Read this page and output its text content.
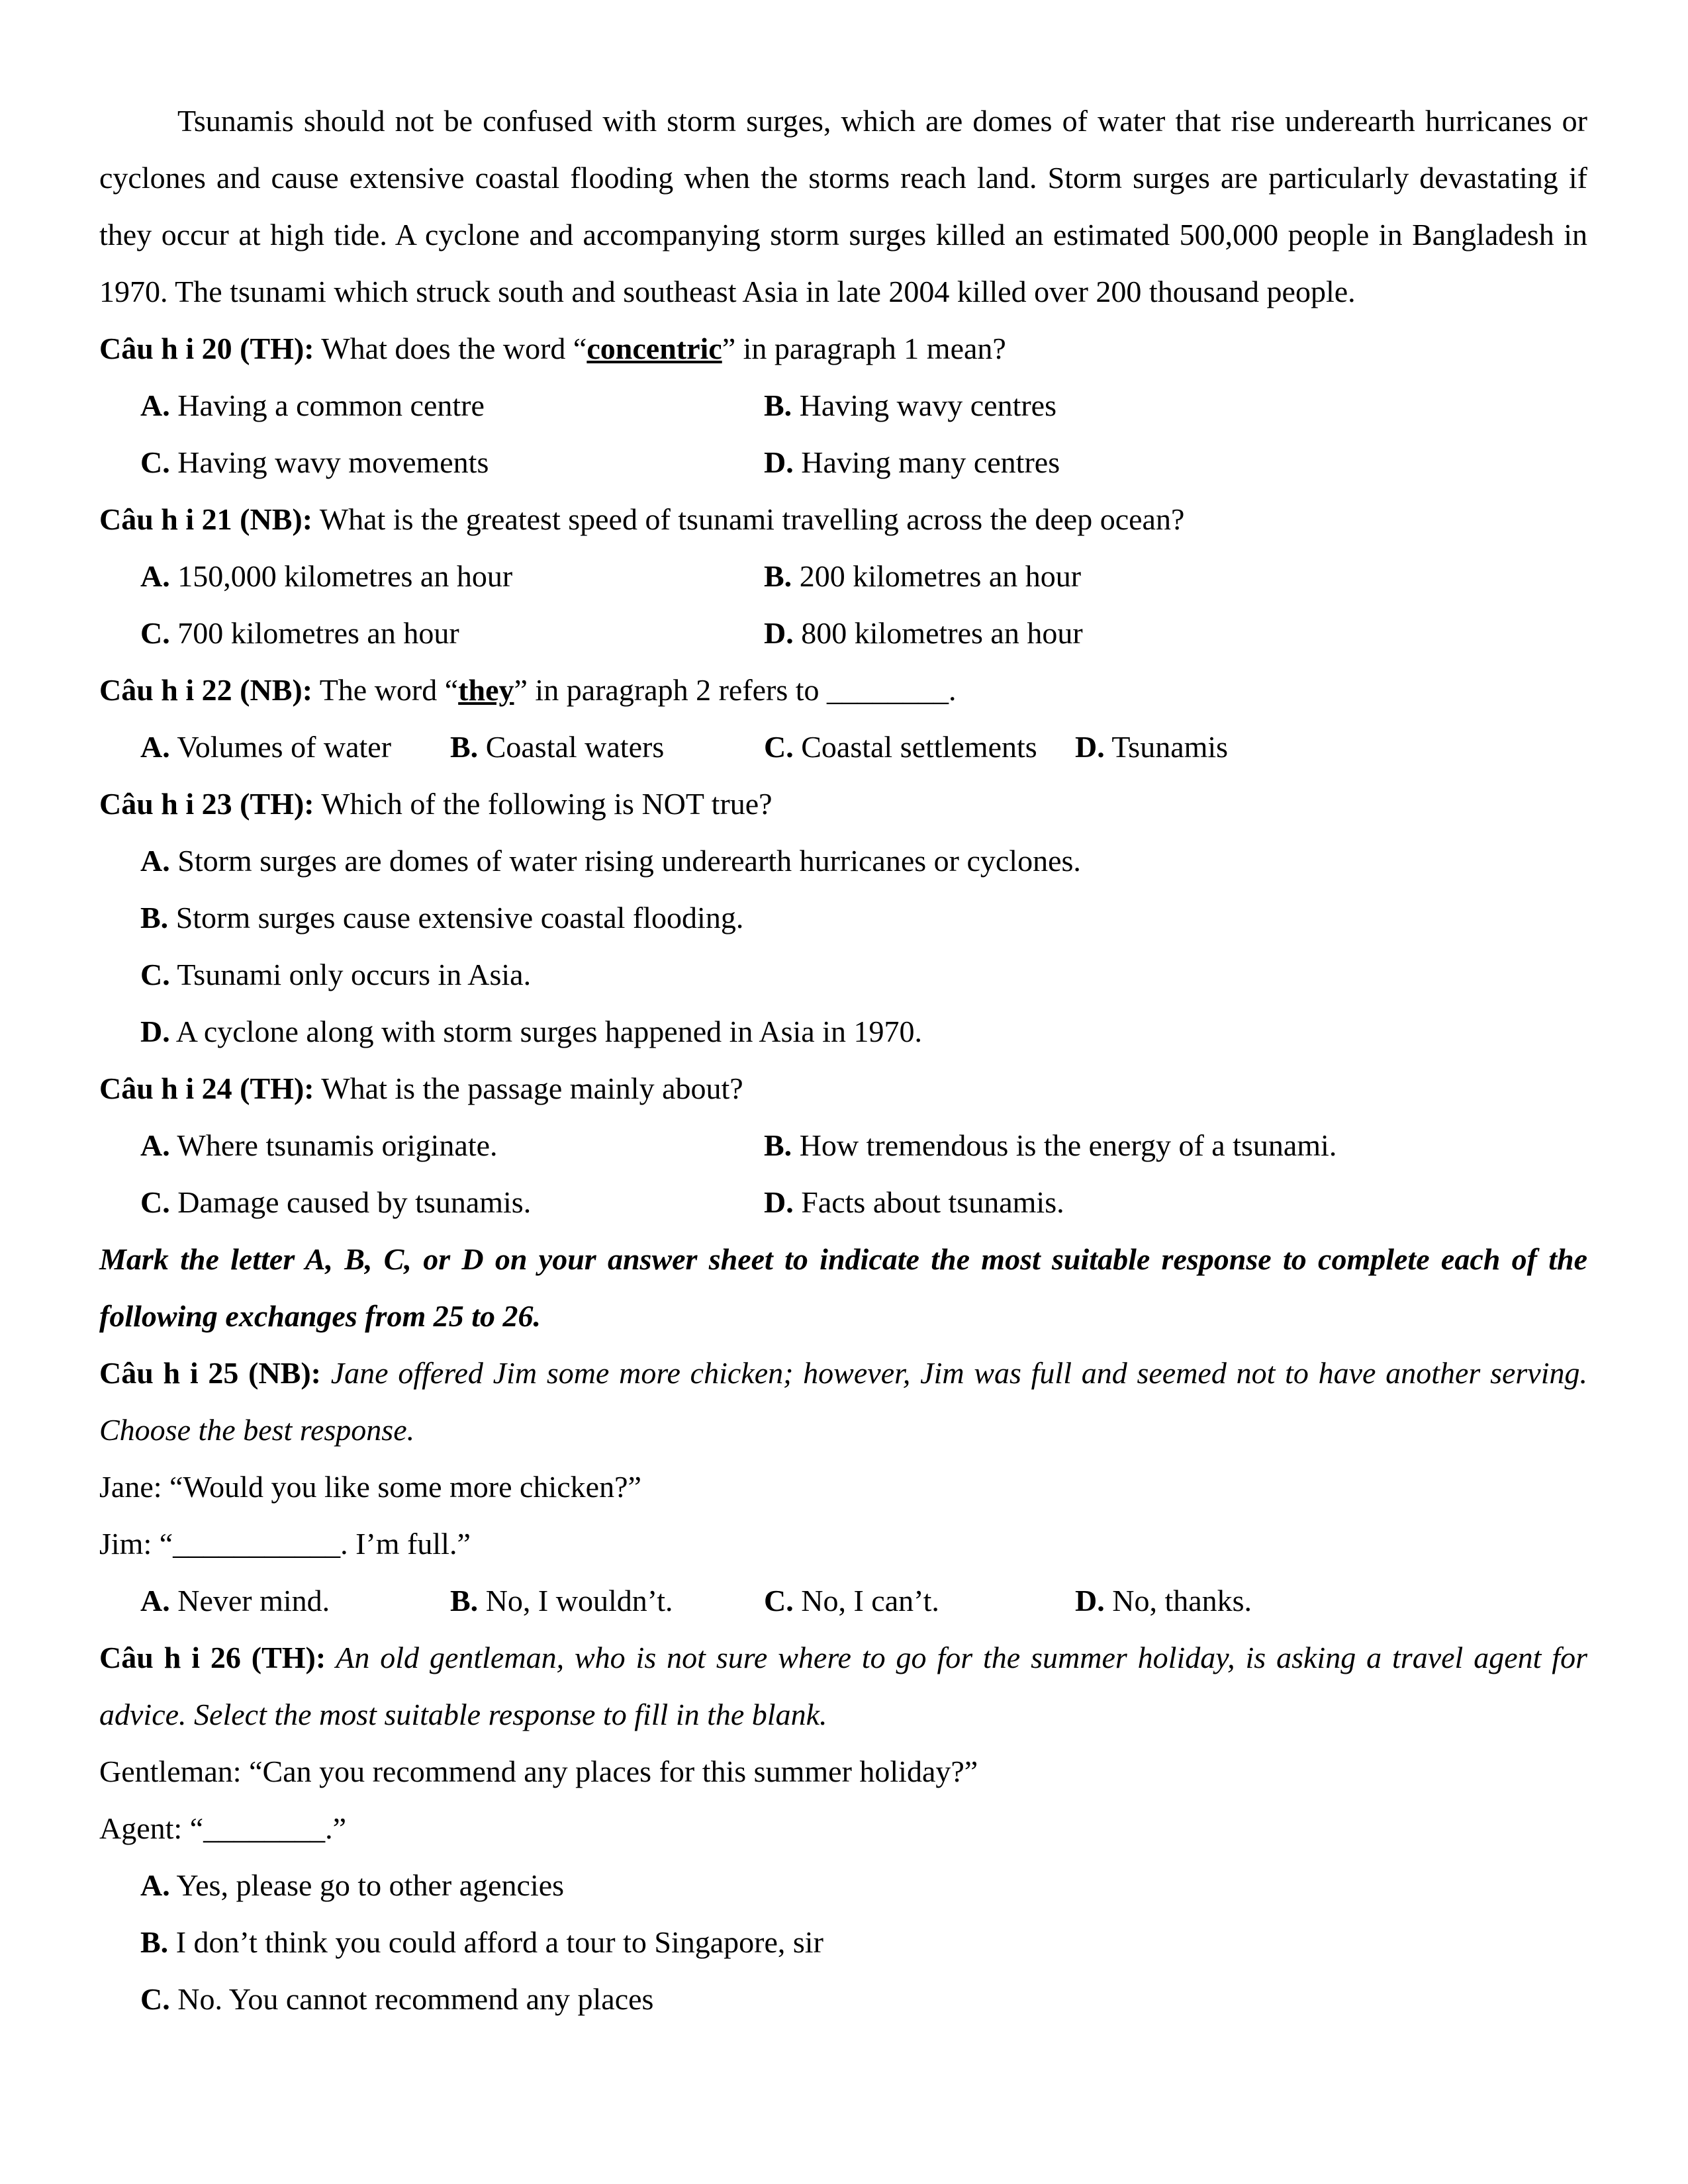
Tsunamis should not be confused with storm surges, which are domes of water that rise underearth hurricanes or cyclones and cause extensive coastal flooding when the storms reach land. Storm surges are particularly devastating if they occur at high tide. A cyclone and accompanying storm surges killed an estimated 500,000 people in Bangladesh in 1970. The tsunami which struck south and southeast Asia in late 2004 killed over 200 thousand people.

Câu h i 20 (TH): What does the word “concentric” in paragraph 1 mean?
A. Having a common centre	B. Having wavy centres
C. Having wavy movements	D. Having many centres
Câu h i 21 (NB): What is the greatest speed of tsunami travelling across the deep ocean?
A. 150,000 kilometres an hour	B. 200 kilometres an hour
C. 700 kilometres an hour	D. 800 kilometres an hour
Câu h i 22 (NB): The word “they” in paragraph 2 refers to ________.
A. Volumes of water B. Coastal waters	C. Coastal settlements D. Tsunamis
Câu h i 23 (TH): Which of the following is NOT true?
A. Storm surges are domes of water rising underearth hurricanes or cyclones.
B. Storm surges cause extensive coastal flooding.
C. Tsunami only occurs in Asia.
D. A cyclone along with storm surges happened in Asia in 1970.
Câu h i 24 (TH): What is the passage mainly about?
A. Where tsunamis originate.	B. How tremendous is the energy of a tsunami.
C. Damage caused by tsunamis.	D. Facts about tsunamis.
Mark the letter A, B, C, or D on your answer sheet to indicate the most suitable response to complete each of the following exchanges from 25 to 26.
Câu h i 25 (NB): Jane offered Jim some more chicken; however, Jim was full and seemed not to have another serving. Choose the best response.
Jane: “Would you like some more chicken?”
Jim: “___________. I’m full.”
A. Never mind.	B. No, I wouldn’t.	C. No, I can’t.	D. No, thanks.
Câu h i 26 (TH): An old gentleman, who is not sure where to go for the summer holiday, is asking a travel agent for advice. Select the most suitable response to fill in the blank.
Gentleman: “Can you recommend any places for this summer holiday?”
Agent: “________.”
A. Yes, please go to other agencies
B. I don’t think you could afford a tour to Singapore, sir
C. No. You cannot recommend any places
